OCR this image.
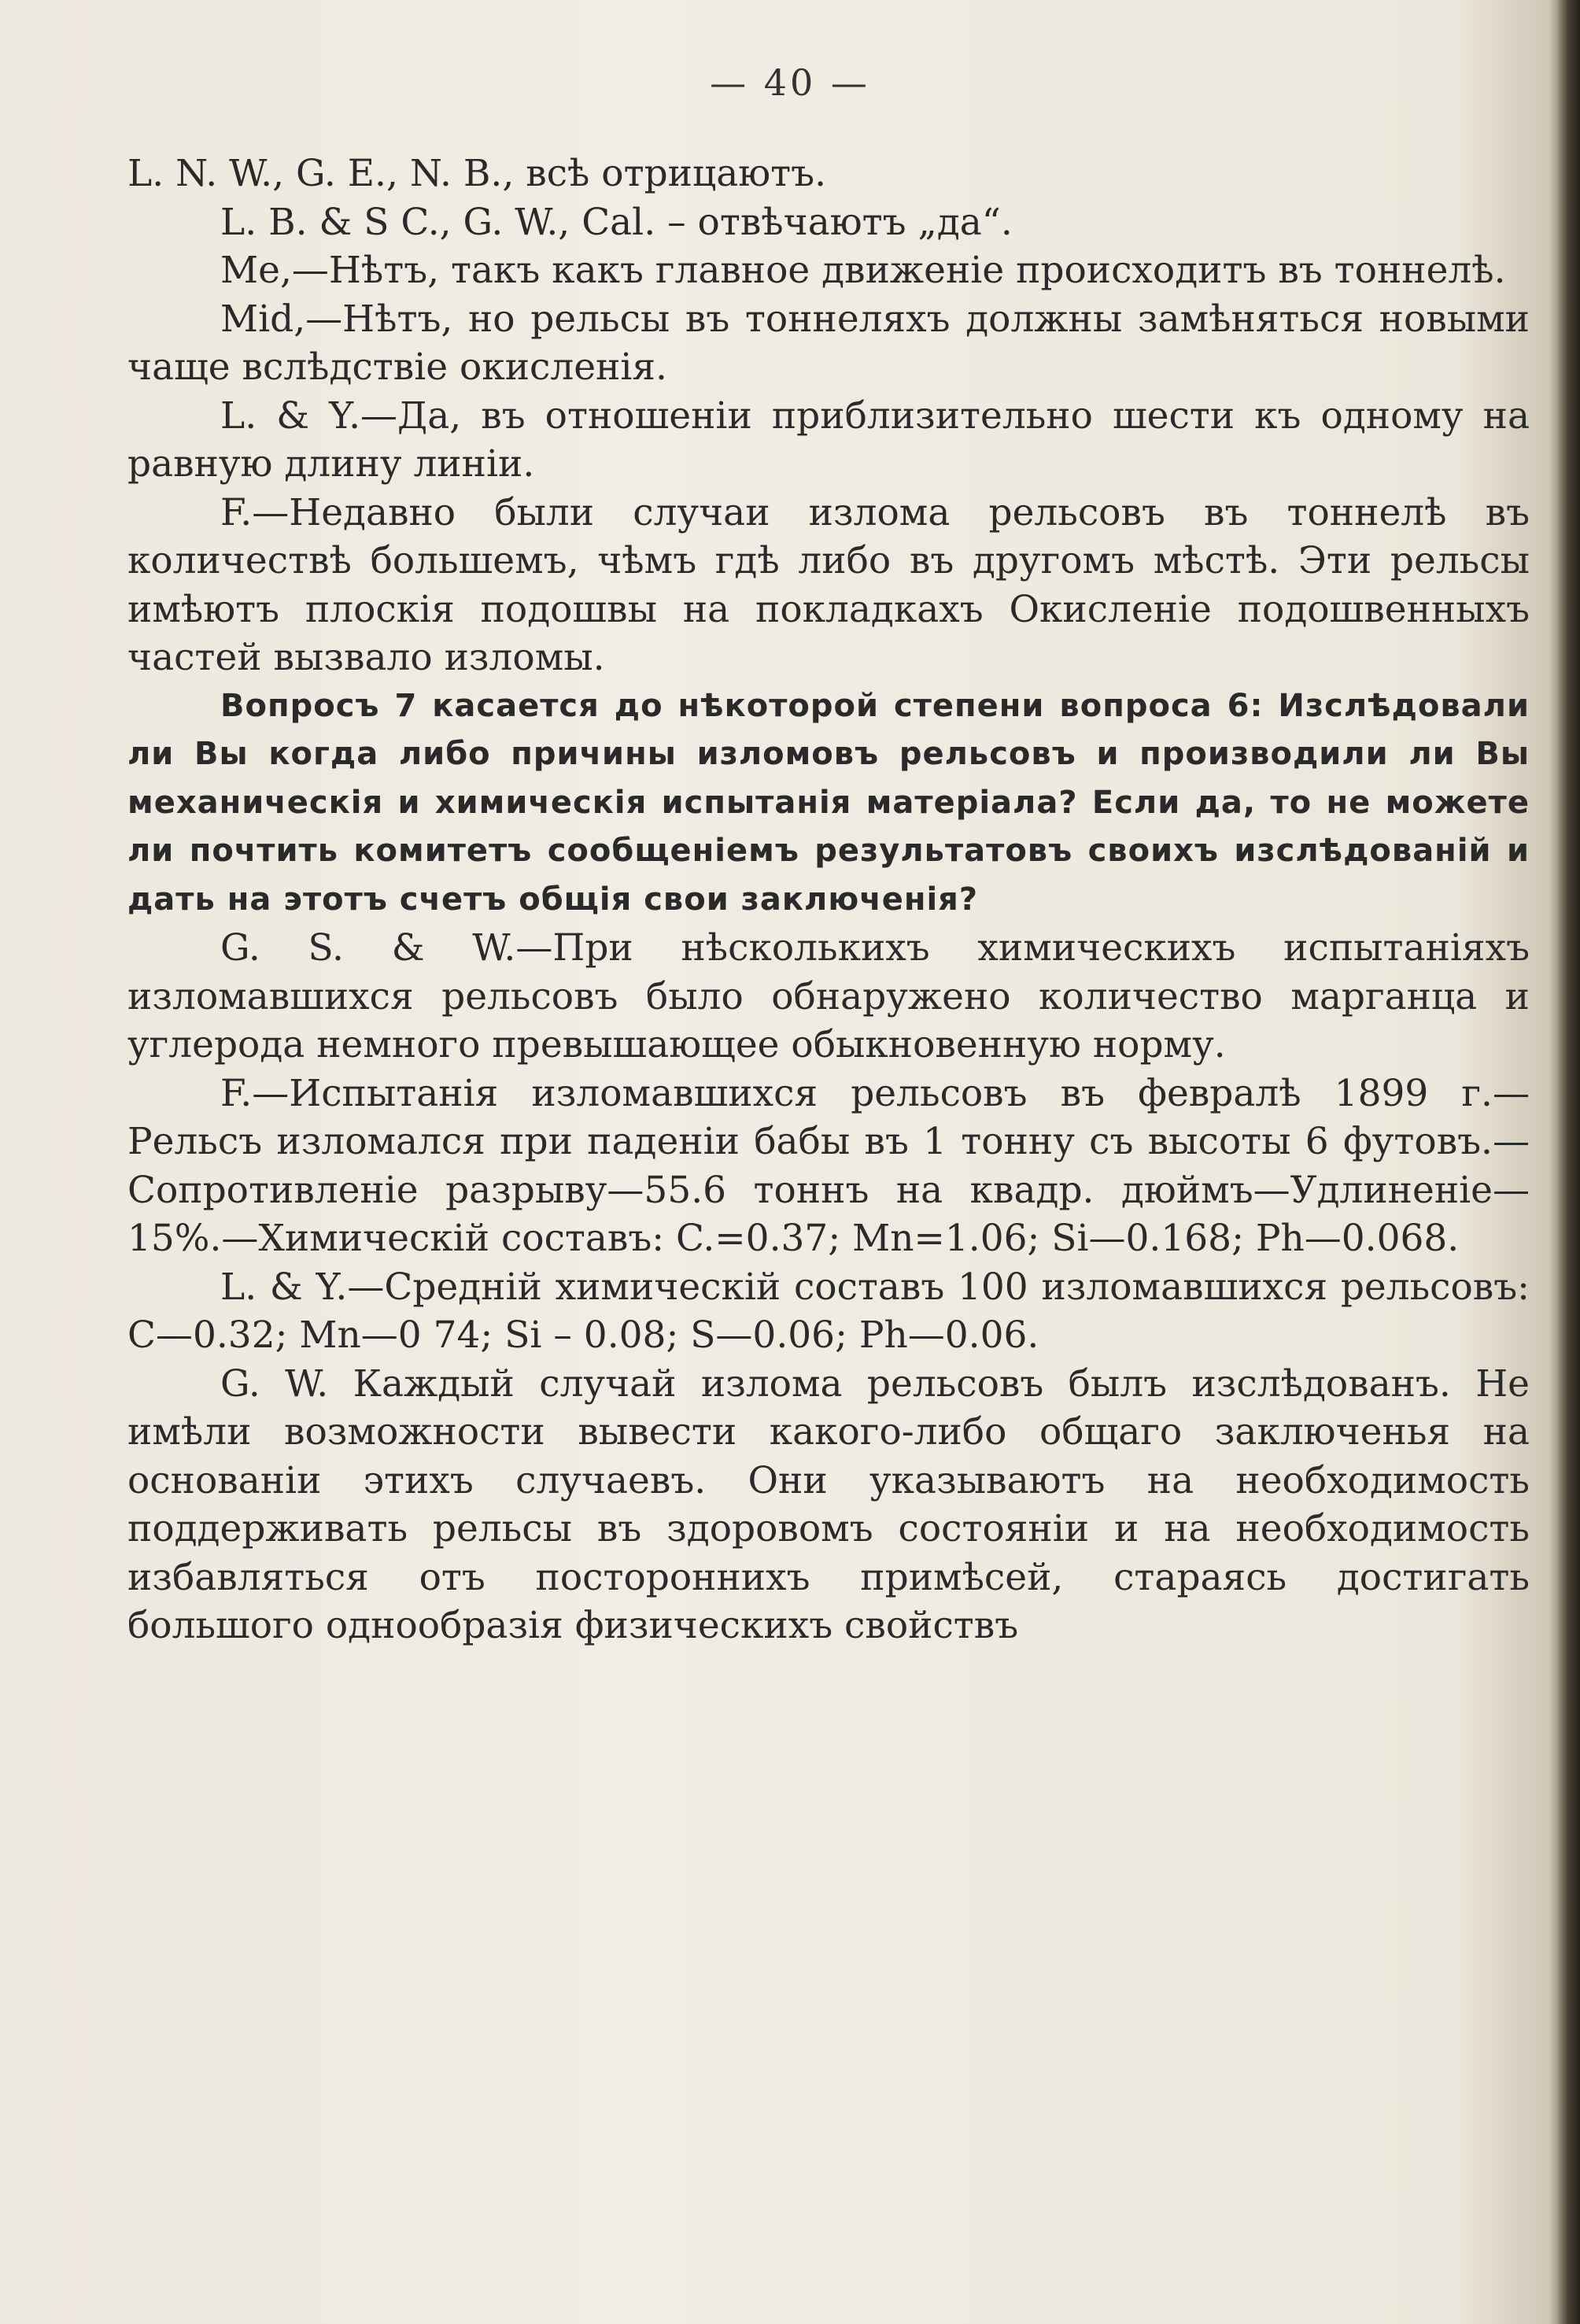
— 40 —

L. N. W., G. E., N. B., всѣ отрицаютъ.

L. B. & S C., G. W., Cal. – отвѣчаютъ „да“.

Me,—Нѣтъ, такъ какъ главное движенiе происходитъ въ тоннелѣ.

Mid,—Нѣтъ, но рельсы въ тоннеляхъ должны замѣняться новыми чаще вслѣдствiе окисленiя.

L. & Y.—Да, въ отношенiи приблизительно шести къ одному на равную длину линiи.

F.—Недавно были случаи излома рельсовъ въ тоннелѣ въ количествѣ большемъ, чѣмъ гдѣ либо въ другомъ мѣстѣ. Эти рельсы имѣютъ плоскiя подошвы на покладкахъ Окисленiе подошвенныхъ частей вызвало изломы.

Вопросъ 7 касается до нѣкоторой степени вопроса 6: Изслѣдовали ли Вы когда либо причины изломовъ рельсовъ и производили ли Вы механическiя и химическiя испытанiя матерiала? Если да, то не можете ли почтить комитетъ сообщенiемъ результатовъ своихъ изслѣдованiй и дать на этотъ счетъ общiя свои заключенiя?

G. S. & W.—При нѣсколькихъ химическихъ испытанiяхъ изломавшихся рельсовъ было обнаружено количество марганца и углерода немного превышающее обыкновенную норму.

F.—Испытанiя изломавшихся рельсовъ въ февралѣ 1899 г.—Рельсъ изломался при паденiи бабы въ 1 тонну съ высоты 6 футовъ.—Сопротивленiе разрыву—55.6 тоннъ на квадр. дюймъ—Удлиненiе—15%.—Химическiй составъ: C.=0.37; Mn=1.06; Si—0.168; Ph—0.068.

L. & Y.—Среднiй химическiй составъ 100 изломавшихся рельсовъ: C—0.32; Mn—0 74; Si – 0.08; S—0.06; Ph—0.06.

G. W. Каждый случай излома рельсовъ былъ изслѣдованъ. Не имѣли возможности вывести какого-либо общаго заключенья на основанiи этихъ случаевъ. Они указываютъ на необходимость поддерживать рельсы въ здоровомъ состоянiи и на необходимость избавляться отъ постороннихъ примѣсей, стараясь достигать большого однообразiя физическихъ свойствъ
